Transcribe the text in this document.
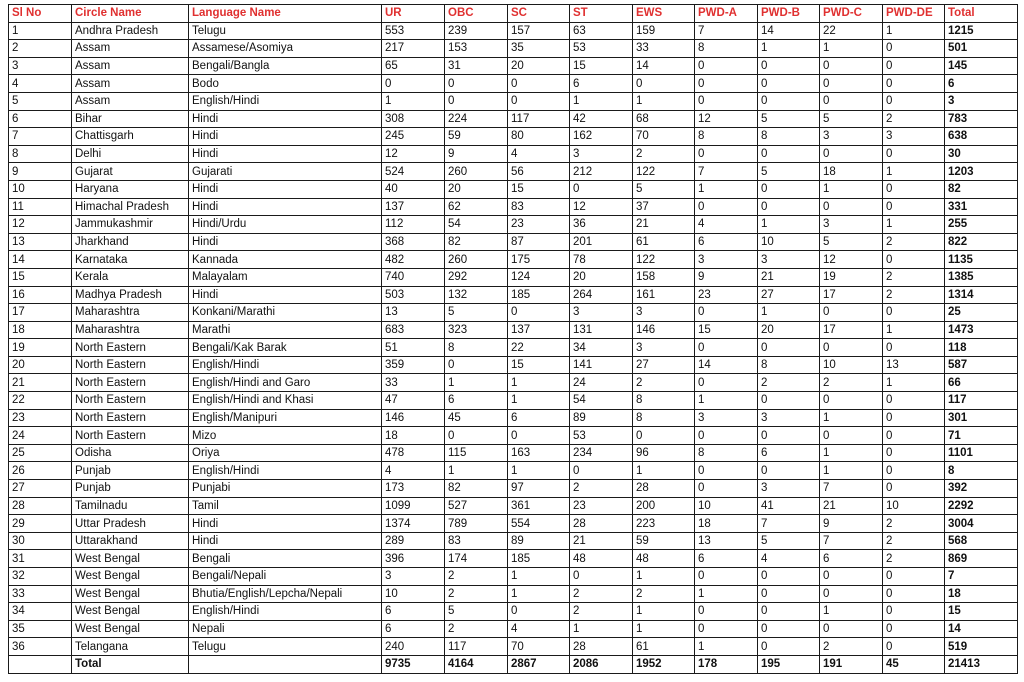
Sl No	Circle Name	Language Name	UR	OBC	SC	ST	EWS	PWD-A	PWD-B	PWD-C	PWD-DE	Total
1	Andhra Pradesh	Telugu	553	239	157	63	159	7	14	22	1	1215
2	Assam	Assamese/Asomiya	217	153	35	53	33	8	1	1	0	501
3	Assam	Bengali/Bangla	65	31	20	15	14	0	0	0	0	145
4	Assam	Bodo	0	0	0	6	0	0	0	0	0	6
5	Assam	English/Hindi	1	0	0	1	1	0	0	0	0	3
6	Bihar	Hindi	308	224	117	42	68	12	5	5	2	783
7	Chattisgarh	Hindi	245	59	80	162	70	8	8	3	3	638
8	Delhi	Hindi	12	9	4	3	2	0	0	0	0	30
9	Gujarat	Gujarati	524	260	56	212	122	7	5	18	1	1203
10	Haryana	Hindi	40	20	15	0	5	1	0	1	0	82
11	Himachal Pradesh	Hindi	137	62	83	12	37	0	0	0	0	331
12	Jammukashmir	Hindi/Urdu	112	54	23	36	21	4	1	3	1	255
13	Jharkhand	Hindi	368	82	87	201	61	6	10	5	2	822
14	Karnataka	Kannada	482	260	175	78	122	3	3	12	0	1135
15	Kerala	Malayalam	740	292	124	20	158	9	21	19	2	1385
16	Madhya Pradesh	Hindi	503	132	185	264	161	23	27	17	2	1314
17	Maharashtra	Konkani/Marathi	13	5	0	3	3	0	1	0	0	25
18	Maharashtra	Marathi	683	323	137	131	146	15	20	17	1	1473
19	North Eastern	Bengali/Kak Barak	51	8	22	34	3	0	0	0	0	118
20	North Eastern	English/Hindi	359	0	15	141	27	14	8	10	13	587
21	North Eastern	English/Hindi and Garo	33	1	1	24	2	0	2	2	1	66
22	North Eastern	English/Hindi and Khasi	47	6	1	54	8	1	0	0	0	117
23	North Eastern	English/Manipuri	146	45	6	89	8	3	3	1	0	301
24	North Eastern	Mizo	18	0	0	53	0	0	0	0	0	71
25	Odisha	Oriya	478	115	163	234	96	8	6	1	0	1101
26	Punjab	English/Hindi	4	1	1	0	1	0	0	1	0	8
27	Punjab	Punjabi	173	82	97	2	28	0	3	7	0	392
28	Tamilnadu	Tamil	1099	527	361	23	200	10	41	21	10	2292
29	Uttar Pradesh	Hindi	1374	789	554	28	223	18	7	9	2	3004
30	Uttarakhand	Hindi	289	83	89	21	59	13	5	7	2	568
31	West Bengal	Bengali	396	174	185	48	48	6	4	6	2	869
32	West Bengal	Bengali/Nepali	3	2	1	0	1	0	0	0	0	7
33	West Bengal	Bhutia/English/Lepcha/Nepali	10	2	1	2	2	1	0	0	0	18
34	West Bengal	English/Hindi	6	5	0	2	1	0	0	1	0	15
35	West Bengal	Nepali	6	2	4	1	1	0	0	0	0	14
36	Telangana	Telugu	240	117	70	28	61	1	0	2	0	519
	Total		9735	4164	2867	2086	1952	178	195	191	45	21413
